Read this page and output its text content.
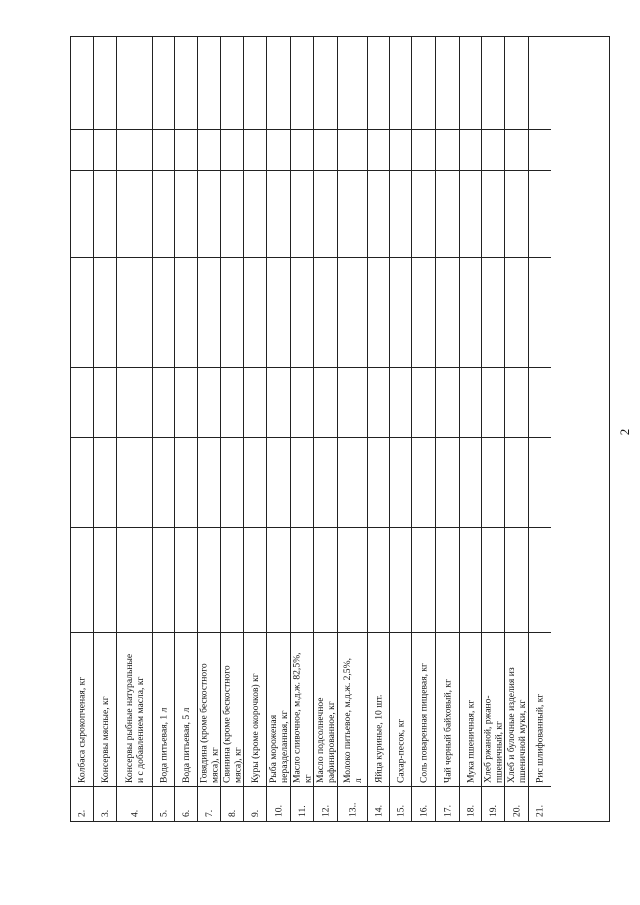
2
Колбаса сырокопченая, кг
2.
Консервы мясные, кг
3.
Консервы рыбные натуральные и с добавлением масла, кг
4.
Вода питьевая, 1 л
5.
Вода питьевая, 5 л
6.
Говядина (кроме бескостного мяса), кг
7.
Свинина (кроме бескостного мяса), кг
8.
Куры (кроме окорочков) кг
9.
Рыба мороженая неразделанная, кг
10.
Масло сливочное, м.д.ж. 82,5%, кг
11.
Масло подсолнечное рафинированное, кг
12.
Молоко питьевое, м.д.ж. 2,5%, л
13..
Яйца куриные, 10 шт.
14.
Сахар-песок, кг
15.
Соль поваренная пищевая, кг
16.
Чай черный байховый, кг
17.
Мука пшеничная, кг
18.
Хлеб ржаной, ржано- пшеничный, кг
19.
Хлеб и булочные изделия из пшеничной муки, кг
20.
Рис шлифованный, кг
21.
